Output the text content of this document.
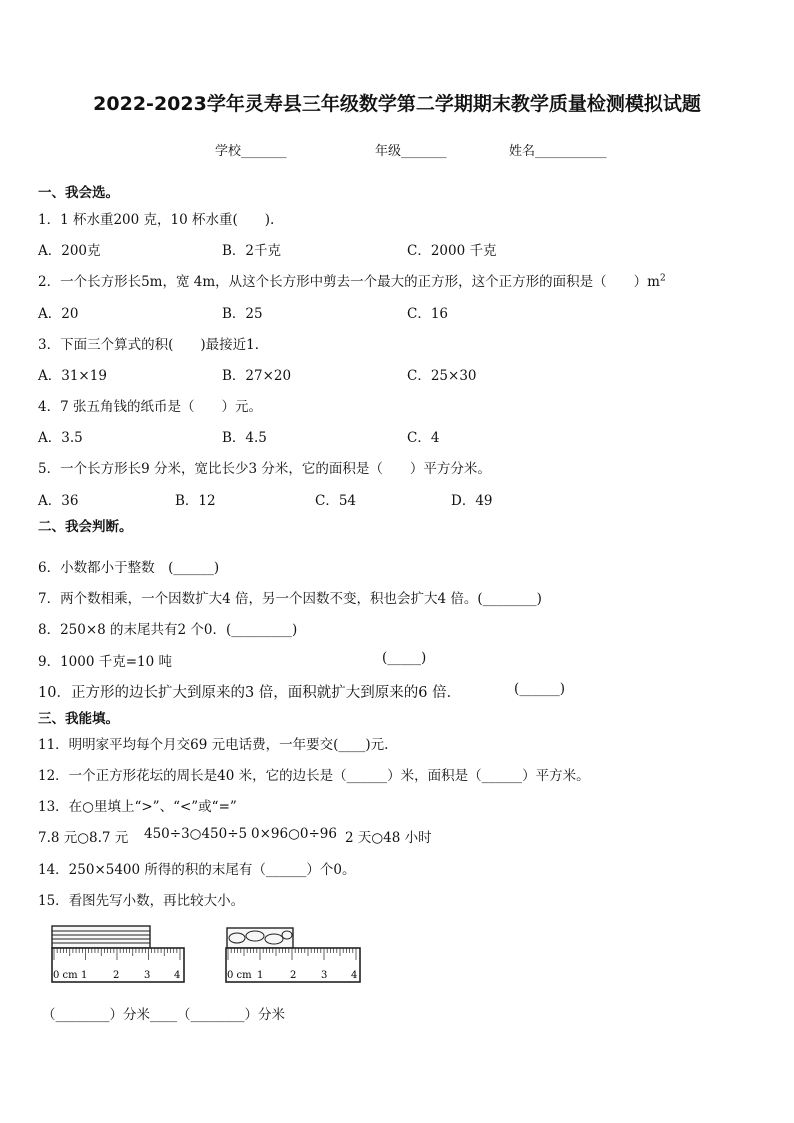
2022-2023学年灵寿县三年级数学第二学期期末教学质量检测模拟试题
学校_______	年级_______	姓名___________
一、我会选。
1．1 杯水重200 克，10 杯水重(　　).
A．200克	B．2千克	C．2000 千克
2．一个长方形长5m，宽 4m，从这个长方形中剪去一个最大的正方形，这个正方形的面积是（　　）$m^2$
A．20	B．25	C．16
3．下面三个算式的积(　　)最接近1．
A．31×19	B．27×20	C．25×30
4．7 张五角钱的纸币是（　　）元。
A．3.5	B．4.5	C．4
5．一个长方形长9 分米，宽比长少3 分米，它的面积是（　　）平方分米。
A．36	B．12	C．54	D．49
二、我会判断。
6．小数都小于整数　(______)
7．两个数相乘，一个因数扩大4 倍，另一个因数不变，积也会扩大4 倍。(________)
8．250×8 的末尾共有2 个0．(_________)
9．1000 千克=10 吨	(_____)
10．正方形的边长扩大到原来的3 倍，面积就扩大到原来的6 倍．	(______)
三、我能填。
11．明明家平均每个月交69 元电话费，一年要交(____)元.
12．一个正方形花坛的周长是40 米，它的边长是（______）米，面积是（______）平方米。
13．在○里填上“>”、“<”或“=”
7.8 元○8.7 元 450÷3○450÷5 0×96○0÷96 2 天○48 小时
14．250×5400 所得的积的末尾有（______）个0。
15．看图先写小数，再比较大小。
0 cm 1	2 3 4	0 cm 1	2 3 4
（________）分米____（________）分米
